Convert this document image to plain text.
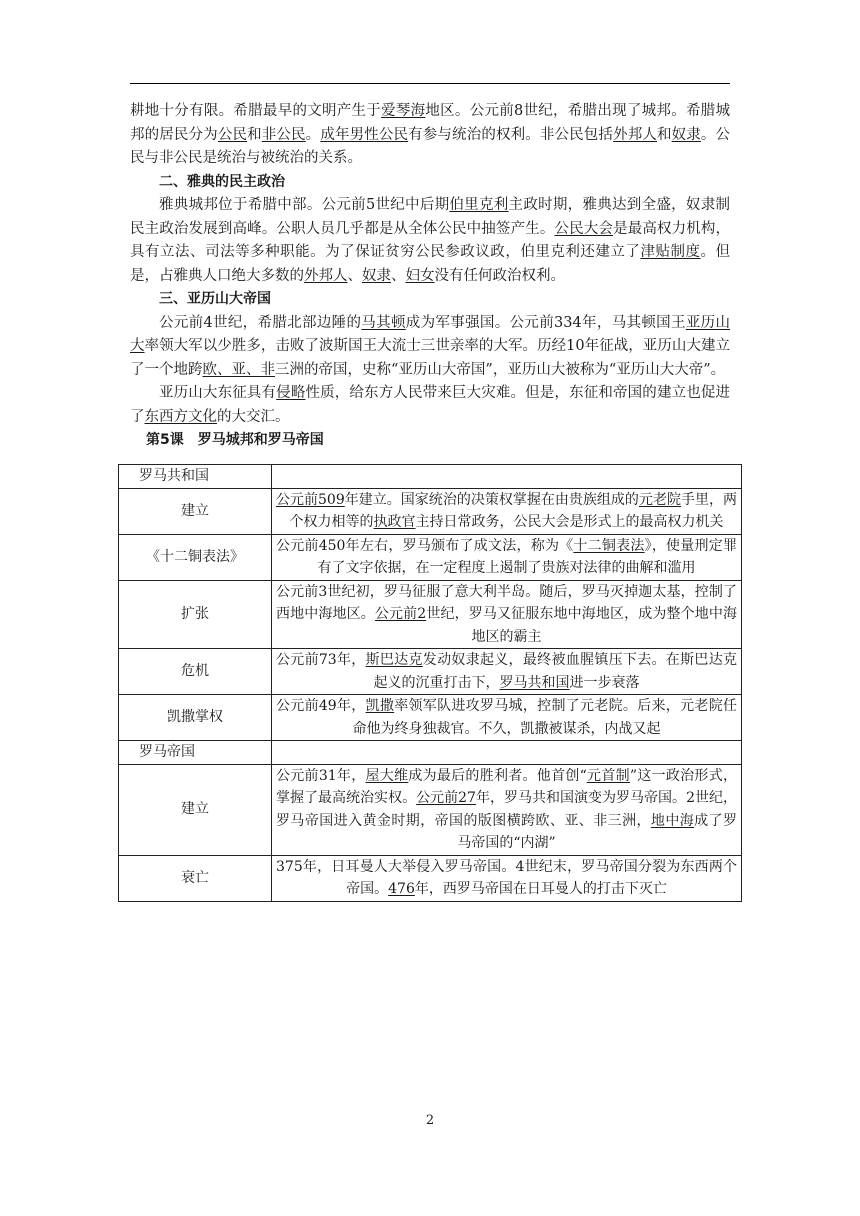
耕地十分有限。希腊最早的文明产生于爱琴海地区。公元前8世纪，希腊出现了城邦。希腊城邦的居民分为公民和非公民。成年男性公民有参与统治的权利。非公民包括外邦人和奴隶。公民与非公民是统治与被统治的关系。

二、雅典的民主政治

雅典城邦位于希腊中部。公元前5世纪中后期伯里克利主政时期，雅典达到全盛，奴隶制民主政治发展到高峰。公职人员几乎都是从全体公民中抽签产生。公民大会是最高权力机构，具有立法、司法等多种职能。为了保证贫穷公民参政议政，伯里克利还建立了津贴制度。但是，占雅典人口绝大多数的外邦人、奴隶、妇女没有任何政治权利。

三、亚历山大帝国

公元前4世纪，希腊北部边陲的马其顿成为军事强国。公元前334年，马其顿国王亚历山大率领大军以少胜多，击败了波斯国王大流士三世亲率的大军。历经10年征战，亚历山大建立了一个地跨欧、亚、非三洲的帝国，史称“亚历山大帝国”，亚历山大被称为“亚历山大大帝”。

亚历山大东征具有侵略性质，给东方人民带来巨大灾难。但是，东征和帝国的建立也促进了东西方文化的大交汇。

第5课　罗马城邦和罗马帝国

罗马共和国	
建立	公元前509年建立。国家统治的决策权掌握在由贵族组成的元老院手里，两个权力相等的执政官主持日常政务，公民大会是形式上的最高权力机关
《十二铜表法》	公元前450年左右，罗马颁布了成文法，称为《十二铜表法》，使量刑定罪有了文字依据，在一定程度上遏制了贵族对法律的曲解和滥用
扩张	公元前3世纪初，罗马征服了意大利半岛。随后，罗马灭掉迦太基，控制了西地中海地区。公元前2世纪，罗马又征服东地中海地区，成为整个地中海地区的霸主
危机	公元前73年，斯巴达克发动奴隶起义，最终被血腥镇压下去。在斯巴达克起义的沉重打击下，罗马共和国进一步衰落
凯撒掌权	公元前49年，凯撒率领军队进攻罗马城，控制了元老院。后来，元老院任命他为终身独裁官。不久，凯撒被谋杀，内战又起
罗马帝国	
建立	公元前31年，屋大维成为最后的胜利者。他首创“元首制”这一政治形式，掌握了最高统治实权。公元前27年，罗马共和国演变为罗马帝国。2世纪，罗马帝国进入黄金时期，帝国的版图横跨欧、亚、非三洲，地中海成了罗马帝国的“内湖”
衰亡	375年，日耳曼人大举侵入罗马帝国。4世纪末，罗马帝国分裂为东西两个帝国。476年，西罗马帝国在日耳曼人的打击下灭亡
2
